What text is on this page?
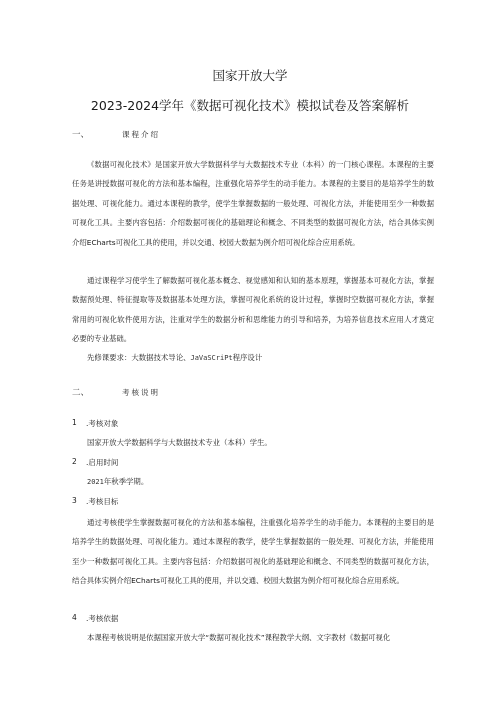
国家开放大学
2023-2024学年《数据可视化技术》模拟试卷及答案解析
一、	课程介绍
《数据可视化技术》是国家开放大学数据科学与大数据技术专业（本科）的一门核心课程。本课程的主要任务是讲授数据可视化的方法和基本编程，注重强化培养学生的动手能力。本课程的主要目的是培养学生的数据处理、可视化能力。通过本课程的教学，使学生掌握数据的一般处理、可视化方法，并能使用至少一种数据可视化工具。主要内容包括：介绍数据可视化的基础理论和概念、不同类型的数据可视化方法，结合具体实例介绍ECharts可视化工具的使用，并以交通、校园大数据为例介绍可视化综合应用系统。
通过课程学习使学生了解数据可视化基本概念、视觉感知和认知的基本原理，掌握基本可视化方法，掌握数据预处理、特征提取等及数据基本处理方法，掌握可视化系统的设计过程，掌握时空数据可视化方法，掌握常用的可视化软件使用方法，注重对学生的数据分析和思维能力的引导和培养，为培养信息技术应用人才奠定必要的专业基础。
先修课要求：大数据技术导论、JaVaSCriPt程序设计
二、	考核说明
1	.考核对象
国家开放大学数据科学与大数据技术专业（本科）学生。
2	.启用时间
2021年秋季学期。
3	.考核目标
通过考核使学生掌握数据可视化的方法和基本编程，注重强化培养学生的动手能力。本课程的主要目的是培养学生的数据处理、可视化能力。通过本课程的教学，使学生掌握数据的一般处理、可视化方法，并能使用至少一种数据可视化工具。主要内容包括：介绍数据可视化的基础理论和概念、不同类型的数据可视化方法，结合具体实例介绍ECharts可视化工具的使用，并以交通、校园大数据为例介绍可视化综合应用系统。
4	.考核依据
本课程考核说明是依据国家开放大学“数据可视化技术”课程教学大纲、文字教材《数据可视化
